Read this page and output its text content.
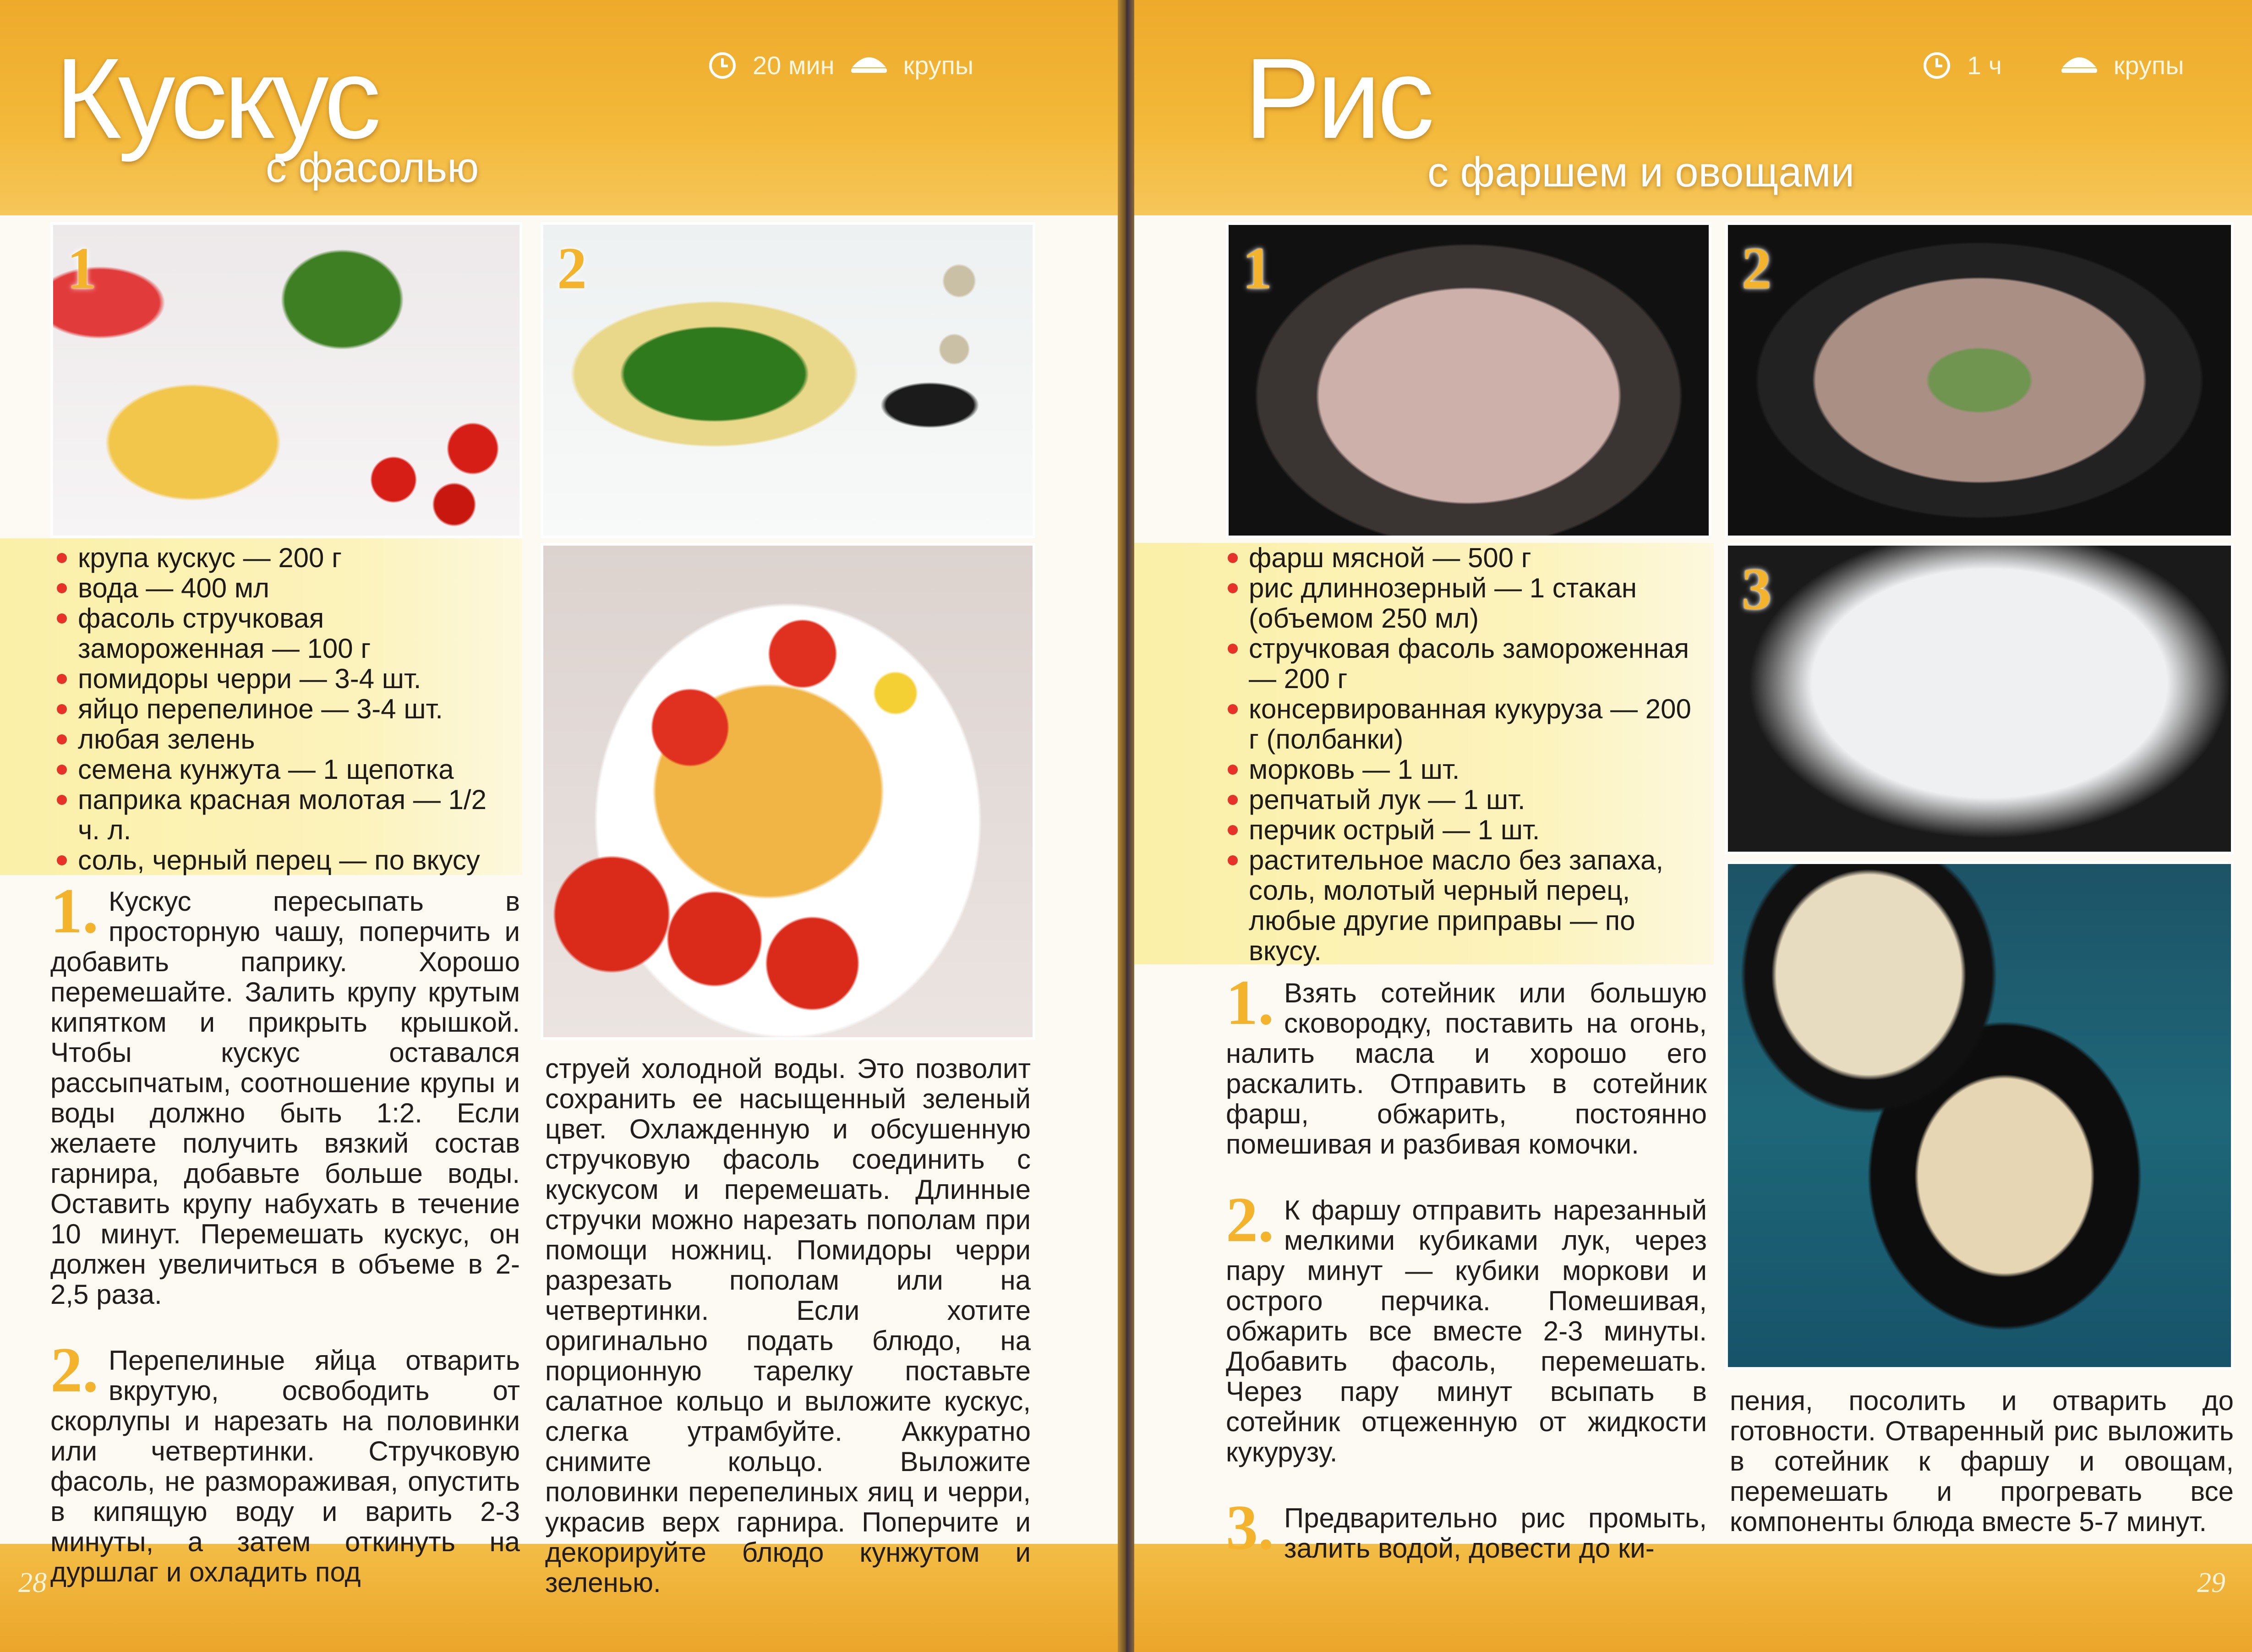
Кускус
с фасолью
20 мин	крупы
1	2
крупа кускус — 200 г
вода — 400 мл
фасоль стручковая замороженная — 100 г
помидоры черри — 3-4 шт.
яйцо перепелиное — 3-4 шт.
любая зелень
семена кунжута — 1 щепотка
паприка красная молотая — 1/2 ч. л.
соль, черный перец — по вкусу
1. Кускус пересыпать в просторную чашу, поперчить и добавить паприку. Хорошо перемешайте. Залить крупу крутым кипятком и прикрыть крышкой. Чтобы кускус оставался рассыпчатым, соотношение крупы и воды должно быть 1:2. Если желаете получить вязкий состав гарнира, добавьте больше воды. Оставить крупу набухать в течение 10 минут. Перемешать кускус, он должен увеличиться в объеме в 2-2,5 раза.

2. Перепелиные яйца отварить вкрутую, освободить от скорлупы и нарезать на половинки или четвертинки. Стручковую фасоль, не размораживая, опустить в кипящую воду и варить 2-3 минуты, а затем откинуть на дуршлаг и охладить под

струей холодной воды. Это позволит сохранить ее насыщенный зеленый цвет. Охлажденную и обсушенную стручковую фасоль соединить с кускусом и перемешать. Длинные стручки можно нарезать пополам при помощи ножниц. Помидоры черри разрезать пополам или на четвертинки. Если хотите оригинально подать блюдо, на порционную тарелку поставьте салатное кольцо и выложите кускус, слегка утрамбуйте. Аккуратно снимите кольцо. Выложите половинки перепелиных яиц и черри, украсив верх гарнира. Поперчите и декорируйте блюдо кунжутом и зеленью.

28
Рис
с фаршем и овощами
1 ч	крупы
1	2
3
фарш мясной — 500 г
рис длиннозерный — 1 стакан (объемом 250 мл)
стручковая фасоль замороженная — 200 г
консервированная кукуруза — 200 г (полбанки)
морковь — 1 шт.
репчатый лук — 1 шт.
перчик острый — 1 шт.
растительное масло без запаха, соль, молотый черный перец, любые другие приправы — по вкусу.
1. Взять сотейник или большую сковородку, поставить на огонь, налить масла и хорошо его раскалить. Отправить в сотейник фарш, обжарить, постоянно помешивая и разбивая комочки.

2. К фаршу отправить нарезанный мелкими кубиками лук, через пару минут — кубики моркови и острого перчика. Помешивая, обжарить все вместе 2-3 минуты. Добавить фасоль, перемешать. Через пару минут всыпать в сотейник отцеженную от жидкости кукурузу.

3. Предварительно рис промыть, залить водой, довести до ки-

пения, посолить и отварить до готовности. Отваренный рис выложить в сотейник к фаршу и овощам, перемешать и прогревать все компоненты блюда вместе 5-7 минут.

29
